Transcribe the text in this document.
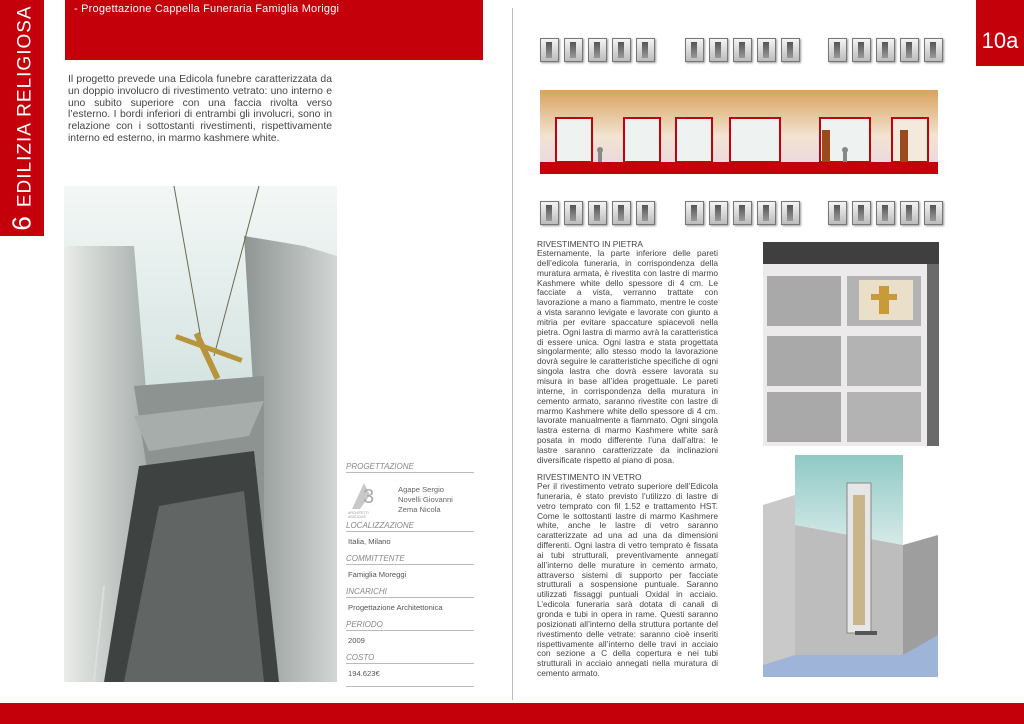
- Progettazione Cappella Funeraria Famiglia Moriggi
6EDILIZIA RELIGIOSA	10a
Il progetto prevede una Edicola funebre caratterizzata da un doppio involucro di rivestimento vetrato: uno interno e uno subito superiore con una faccia rivolta verso l’esterno. I bordi inferiori di entrambi gli involucri, sono in relazione con i sottostanti rivestimenti, rispettivamente interno ed esterno, in marmo kashmere white.
PROGETTAZIONE
3
ARCHITETTI ASSOCIATI
Agape Sergio
Novelli Giovanni
Zema Nicola
LOCALIZZAZIONE
Italia, Milano
COMMITTENTE
Famiglia Moreggi
INCARICHI
Progettazione Architettonica
PERIODO
2009
COSTO
194.623€
RIVESTIMENTO IN PIETRA
Esternamente, la parte inferiore delle pareti dell’edicola funeraria, in corrispondenza della muratura armata, è rivestita con lastre di marmo Kashmere white dello spessore di 4 cm. Le facciate a vista, verranno trattate con lavorazione a mano a fiammato, mentre le coste a vista saranno levigate e lavorate con giunto a mitria per evitare spaccature spiacevoli nella pietra. Ogni lastra di marmo avrà la caratteristica di essere unica. Ogni lastra e stata progettata singolarmente; allo stesso modo la lavorazione dovrà seguire le caratteristiche specifiche di ogni singola lastra che dovrà essere lavorata su misura in base all’idea progettuale. Le pareti interne, in corrispondenza della muratura in cemento armato, saranno rivestite con lastre di marmo Kashmere white dello spessore di 4 cm. lavorate manualmente a fiammato. Ogni singola lastra esterna di marmo Kashmere white sarà posata in modo differente l’una dall’altra: le lastre saranno caratterizzate da inclinazioni diversificate rispetto al piano di posa.
RIVESTIMENTO IN VETRO
Per il rivestimento vetrato superiore dell’Edicola funeraria, è stato previsto l’utilizzo di lastre di vetro temprato con fil 1.52 e trattamento HST. Come le sottostanti lastre di marmo Kashmere white, anche le lastre di vetro saranno caratterizzate ad una ad una da dimensioni differenti. Ogni lastra di vetro temprato è fissata ai tubi strutturali, preventivamente annegati all’interno delle murature in cemento armato, attraverso sistemi di supporto per facciate strutturali a sospensione puntuale. Saranno utilizzati fissaggi puntuali Oxidal in acciaio. L’edicola funeraria sarà dotata di canali di gronda e tubi in opera in rame. Questi saranno posizionati all’interno della struttura portante del rivestimento delle vetrate: saranno cioè inseriti rispettivamente all’interno delle travi in acciaio con sezione a C della copertura e nei tubi strutturali in acciaio annegati nella muratura di cemento armato.
